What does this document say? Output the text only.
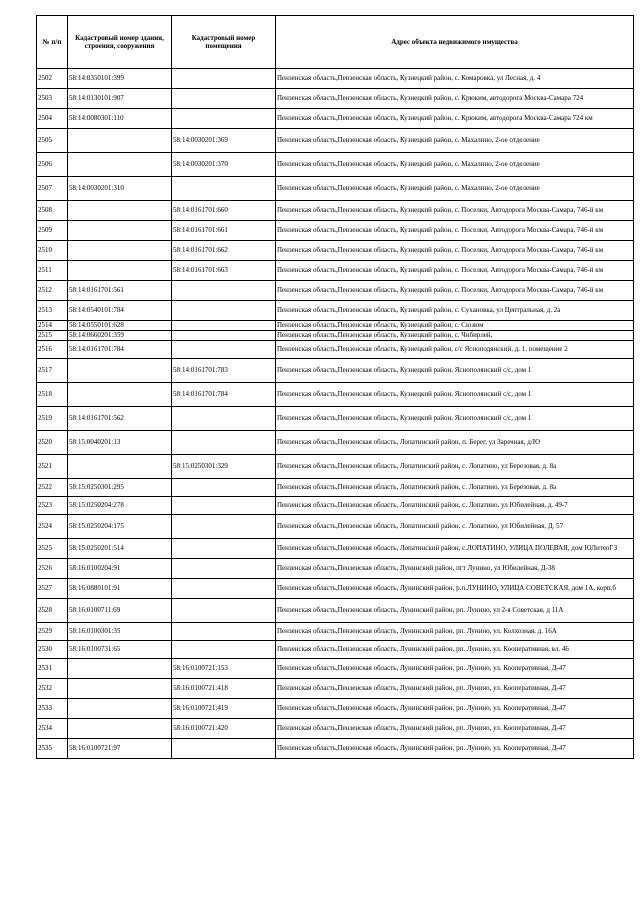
№ п/п	Кадастровый номер здания, строения, сооружения	Кадастровый номер помещения	Адрес объекта недвижимого имущества
2502	58:14:0350101:399		Пензенская область,Пензенская область, Кузнецкий район, с. Комаровка, ул Лесная, д. 4
2503	58:14:0130101:907		Пензенская область,Пензенская область, Кузнецкий район, с. Крюким, автодорога Москва-Самара 724
2504	58:14:0080301:110		Пензенская область,Пензенская область, Кузнецкий район, с. Крюким, автодорога Москва-Самара 724 км
2505		58:14:0030201:369	Пензенская область,Пензенская область, Кузнецкий район, с. Махалино, 2-ое отделение
2506		58:14:0030201:370	Пензенская область,Пензенская область, Кузнецкий район, с. Махалино, 2-ое отделение
2507	58:14:0030201:310		Пензенская область,Пензенская область, Кузнецкий район, с. Махалино, 2-ое отделение
2508		58:14:0161701:660	Пензенская область,Пензенская область, Кузнецкий район, с. Поселки, Автодорога Москва-Самара, 746-й км
2509		58:14:0161701:661	Пензенская область,Пензенская область, Кузнецкий район, с. Поселки, Автодорога Москва-Самара, 746-й км
2510		58:14:0161701:662	Пензенская область,Пензенская область, Кузнецкий район, с. Поселки, Автодорога Москва-Самара, 746-й км
2511		58:14:0161701:663	Пензенская область,Пензенская область, Кузнецкий район, с. Поселки, Автодорога Москва-Самара, 746-й км
2512	58:14:0161701:561		Пензенская область,Пензенская область, Кузнецкий район, с. Поселки, Автодорога Москва-Самара, 746-й км
2513	58:14:0540101:784		Пензенская область,Пензенская область, Кузнецкий район, с. Сухановка, ул Центральная, д. 2а
2514	58:14:0550101:628		Пензенская область,Пензенская область, Кузнецкий район, с. Сюзюм
2515	58:14:0660201:359		Пензенская область,Пензенская область, Кузнецкий район, с. Чибирлей,
2516	58:14:0161701:784		Пензенская область,Пензенская область, Кузнецкий район, с/с Ясноподянский, д. 1, помещение 2
2517		58:14:0161701:783	Пензенская область,Пензенская область, Кузнецкий район, Яснополянский с/с, дом 1
2518		58:14:0161701:784	Пензенская область,Пензенская область, Кузнецкий район, Яснополянский с/с, дом 1
2519	58:14:0161701:562		Пензенская область,Пензенская область, Кузнецкий район, Яснополянский с/с, дом 1
2520	58:15:0040201:13		Пензенская область,Пензенская область, Лопатинский район, п. Берег, ул Заречная, д/Ю
2521		58:15:0250301:329	Пензенская область,Пензенская область, Лопатинский район, с. Лопатино, ул Березовая, д. 8а
2522	58:15:0250301:295		Пензенская область,Пензенская область, Лопатинский район, с. Лопатино, ул Березовая, д. 8а
2523	58:15:0250204:278		Пензенская область,Пензенская область, Лопатинский район, с. Лопатино, ул Юбилейная, д. 49-7
2524	58:15:0250204:175		Пензенская область,Пензенская область, Лопатинский район, с. Лопатино, ул Юбилейная, Д. 57
2525	58:15:0250201:514		Пензенская область,Пензенская область, Лопатинский район, с.ЛОПАТИНО, УЛИЦА ПОЛЕВАЯ, дом ЮЛитеоГЗ
2526	58:16:0100204:91		Пензенская область,Пензенская область, Лунинский район, пгт Лунино, ул Юбилейная, Д-38
2527	58:16:0880101:91		Пензенская область,Пензенская область, Лунинский район, р.п.ЛУНИНО, УЛИЦА СОВЕТСКАЯ, дом 1А, корп.б
2528	58:16:0100711:69		Пензенская область,Пензенская область, Лунинский район, рп. Лунино, ул 2-я Советская, д 11А
2529	58:16:0100301:35		Пензенская область,Пензенская область, Лунинский район, рп. Лунино, ул. Колхозная, д. 16А
2530	58:16:0100731:65		Пензенская область,Пензенская область, Лунинский район, рп. Лунино, ул. Кооперативная, вл. 46
2531		58:16:0100721:153	Пензенская область,Пензенская область, Лунинский район, рп. Лунино, ул. Кооперативная, Д-47
2532		58:16:0100721:418	Пензенская область,Пензенская область, Лунинский район, рп. Лунино, ул. Кооперативная, Д-47
2533		58:16:0100721:419	Пензенская область,Пензенская область, Лунинский район, рп. Лунино, ул. Кооперативная, Д-47
2534		58:16:0100721:420	Пензенская область,Пензенская область, Лунинский район, рп. Лунино, ул. Кооперативная, Д-47
2535	58:16:0100721:97		Пензенская область,Пензенская область, Лунинский район, рп. Лунино, ул. Кооперативная, Д-47
